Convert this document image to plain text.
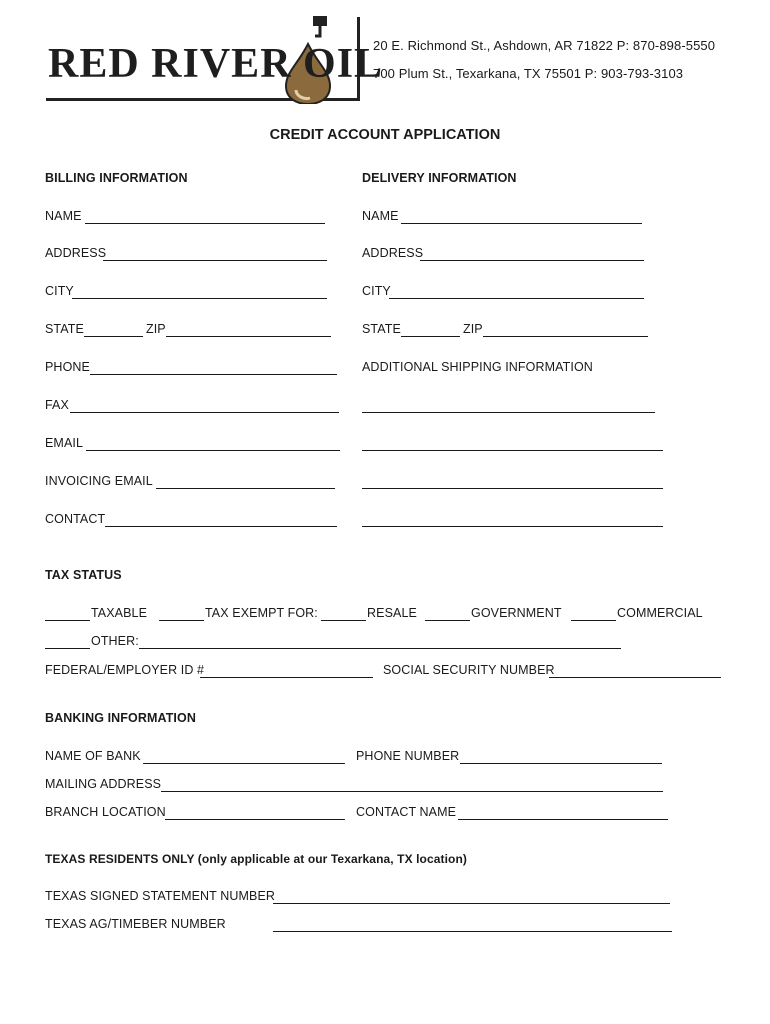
RED RIVER OIL
20 E. Richmond St., Ashdown, AR 71822 P: 870-898-5550
700 Plum St., Texarkana, TX 75501 P: 903-793-3103
CREDIT ACCOUNT APPLICATION
BILLING INFORMATION
NAME
ADDRESS
CITY
STATE	ZIP
PHONE
FAX
EMAIL
INVOICING EMAIL
CONTACT
DELIVERY INFORMATION
NAME
ADDRESS
CITY
STATE	ZIP
ADDITIONAL SHIPPING INFORMATION
TAX STATUS
TAXABLE	TAX EXEMPT FOR:	RESALE	GOVERNMENT	COMMERCIAL
OTHER:
FEDERAL/EMPLOYER ID #	SOCIAL SECURITY NUMBER
BANKING INFORMATION
NAME OF BANK	PHONE NUMBER
MAILING ADDRESS
BRANCH LOCATION	CONTACT NAME
TEXAS RESIDENTS ONLY (only applicable at our Texarkana, TX location)
TEXAS SIGNED STATEMENT NUMBER
TEXAS AG/TIMEBER NUMBER
